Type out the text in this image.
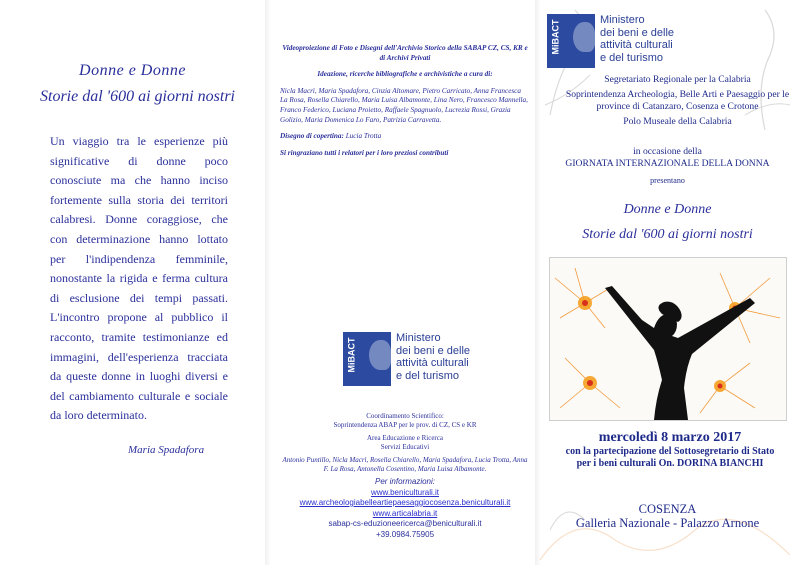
Donne e Donne
Storie dal '600 ai giorni nostri
Un viaggio tra le esperienze più significative di donne poco conosciute ma che hanno inciso fortemente sulla storia dei territori calabresi. Donne coraggiose, che con determinazione hanno lottato per l'indipendenza femminile, nonostante la rigida e ferma cultura di esclusione dei tempi passati. L'incontro propone al pubblico il racconto, tramite testimonianze ed immagini, dell'esperienza tracciata da queste donne in luoghi diversi e del cambiamento culturale e sociale da loro determinato.
Maria Spadafora

Videoproiezione di Foto e Disegni dell'Archivio Storico della SABAP CZ, CS, KR e di Archivi Privati

Ideazione, ricerche bibliografiche e archivistiche a cura di:

Nicla Macrì, Maria Spadafora, Cinzia Altomare, Pietro Carricato, Anna Francesca La Rosa, Rosella Chiarello, Maria Luisa Albamonte, Lina Nero, Francesco Mannella, Franco Federico, Luciana Proietto, Raffaele Spagnuolo, Lucrezia Rossi, Grazia Golizio, Maria Domenica Lo Faro, Patrizia Carravetta.

Disegno di copertina: Lucia Trotta

Si ringraziano tutti i relatori per i loro preziosi contributi

MiBACT	Ministero
dei beni e delle
attività culturali
e del turismo

Coordinamento Scientifico:
Soprintendenza ABAP per le prov. di CZ, CS e KR

Area Educazione e Ricerca
Servizi Educativi

Antonio Puntillo, Nicla Macrì, Rosella Chiarello, Maria Spadafora, Lucia Trotta, Anna F. La Rosa, Antonella Cosentino, Maria Luisa Albamonte.

Per informazioni:
www.beniculturali.it
www.archeologiabelleartiepaesaggiocosenza.beniculturali.it
www.articalabria.it
sabap-cs-eduzioneericerca@beniculturali.it
+39.0984.75905
MiBACT	Ministero
dei beni e delle
attività culturali
e del turismo

Segretariato Regionale per la Calabria

Soprintendenza Archeologia, Belle Arti e Paesaggio per le province di Catanzaro, Cosenza e Crotone

Polo Museale della Calabria

in occasione della
GIORNATA INTERNAZIONALE DELLA DONNA
presentano
Donne e Donne
Storie dal '600 ai giorni nostri
mercoledì 8 marzo 2017
con la partecipazione del Sottosegretario di Stato
per i beni culturali On. DORINA BIANCHI
COSENZA
Galleria Nazionale - Palazzo Arnone
